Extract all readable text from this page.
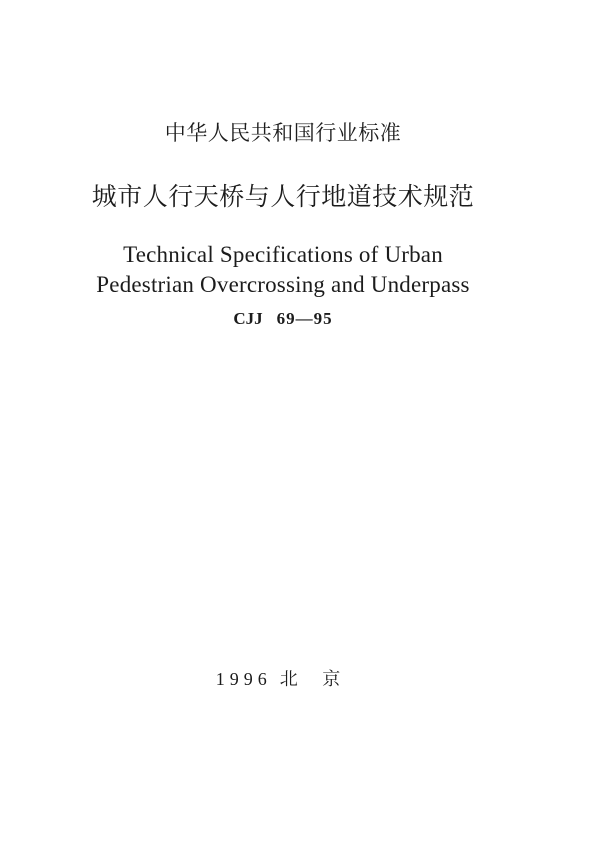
中华人民共和国行业标准
城市人行天桥与人行地道技术规范
Technical Specifications of Urban
Pedestrian Overcrossing and Underpass
CJJ 69—95
1996 北 京
